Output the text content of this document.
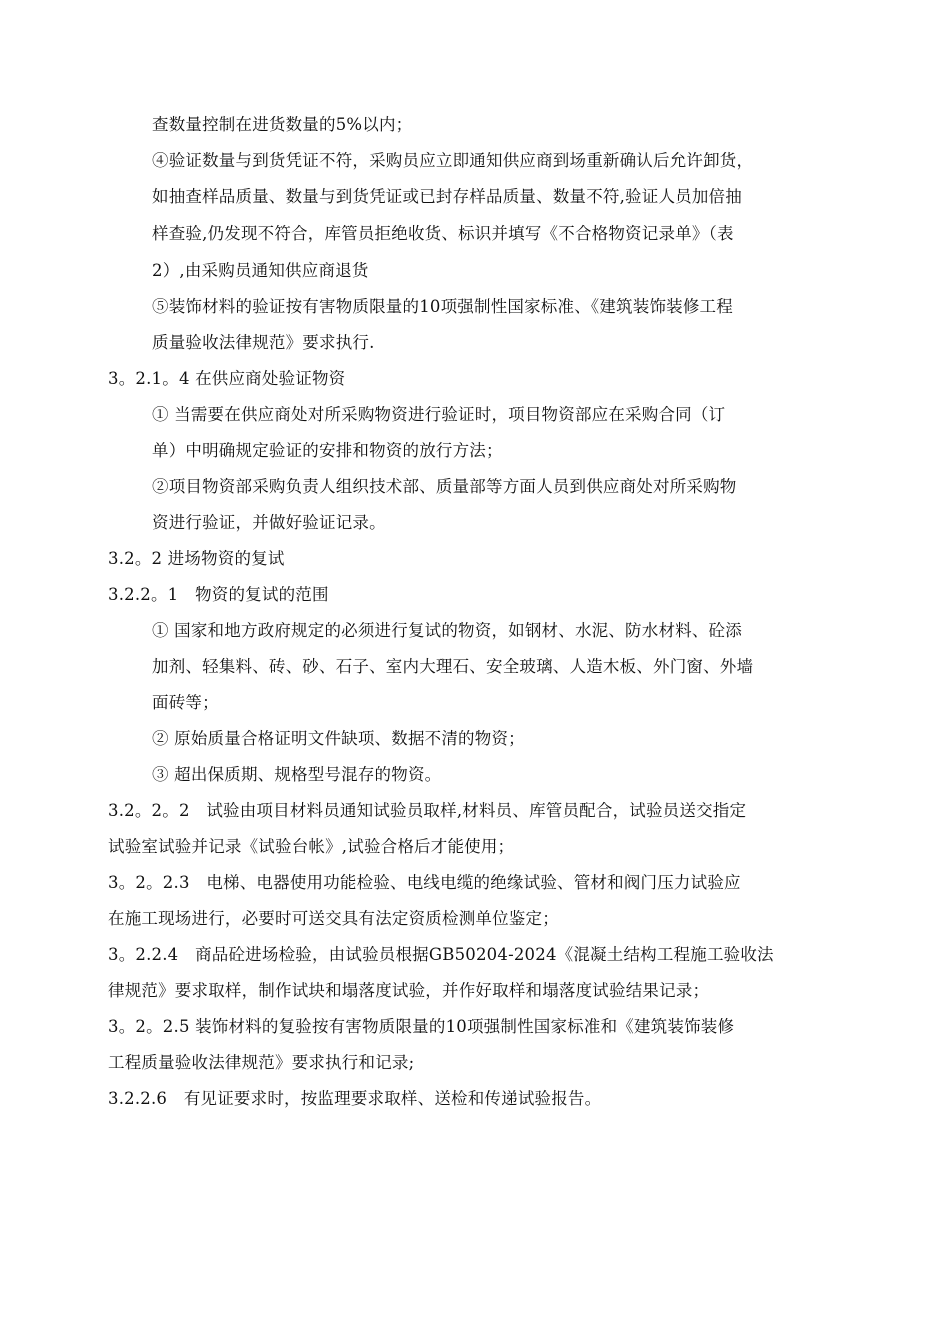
查数量控制在进货数量的5%以内；
④验证数量与到货凭证不符，采购员应立即通知供应商到场重新确认后允许卸货，
如抽查样品质量、数量与到货凭证或已封存样品质量、数量不符,验证人员加倍抽
样查验,仍发现不符合，库管员拒绝收货、标识并填写《不合格物资记录单》（表
2）,由采购员通知供应商退货
⑤装饰材料的验证按有害物质限量的10项强制性国家标准、《建筑装饰装修工程
质量验收法律规范》要求执行.
3。2.1。4 在供应商处验证物资
① 当需要在供应商处对所采购物资进行验证时，项目物资部应在采购合同（订
单）中明确规定验证的安排和物资的放行方法；
②项目物资部采购负责人组织技术部、质量部等方面人员到供应商处对所采购物
资进行验证，并做好验证记录。
3.2。2 进场物资的复试
3.2.2。1　物资的复试的范围
① 国家和地方政府规定的必须进行复试的物资，如钢材、水泥、防水材料、砼添
加剂、轻集料、砖、砂、石子、室内大理石、安全玻璃、人造木板、外门窗、外墙
面砖等；
② 原始质量合格证明文件缺项、数据不清的物资；
③ 超出保质期、规格型号混存的物资。
3.2。2。2　试验由项目材料员通知试验员取样,材料员、库管员配合，试验员送交指定
试验室试验并记录《试验台帐》,试验合格后才能使用；
3。2。2.3　电梯、电器使用功能检验、电线电缆的绝缘试验、管材和阀门压力试验应
在施工现场进行，必要时可送交具有法定资质检测单位鉴定；
3。2.2.4　商品砼进场检验，由试验员根据GB50204-2024《混凝土结构工程施工验收法
律规范》要求取样，制作试块和塌落度试验，并作好取样和塌落度试验结果记录；
3。2。2.5 装饰材料的复验按有害物质限量的10项强制性国家标准和《建筑装饰装修
工程质量验收法律规范》要求执行和记录;
3.2.2.6　有见证要求时，按监理要求取样、送检和传递试验报告。
